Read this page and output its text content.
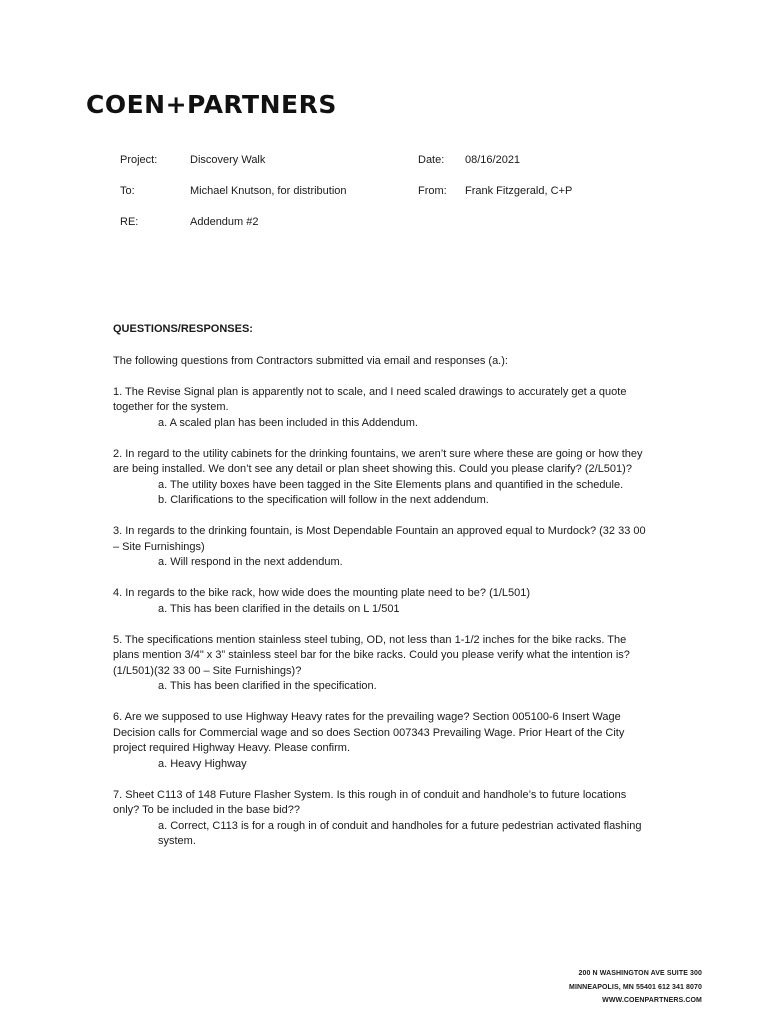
COEN+PARTNERS
Project:	Discovery Walk	Date: 08/16/2021
To:	Michael Knutson, for distribution	From: Frank Fitzgerald, C+P
RE:	Addendum #2
QUESTIONS/RESPONSES:
The following questions from Contractors submitted via email and responses (a.):
1. The Revise Signal plan is apparently not to scale, and I need scaled drawings to accurately get a quote together for the system.
a. A scaled plan has been included in this Addendum.
2. In regard to the utility cabinets for the drinking fountains, we aren’t sure where these are going or how they are being installed. We don’t see any detail or plan sheet showing this. Could you please clarify? (2/L501)?
a. The utility boxes have been tagged in the Site Elements plans and quantified in the schedule.
b. Clarifications to the specification will follow in the next addendum.
3. In regards to the drinking fountain, is Most Dependable Fountain an approved equal to Murdock? (32 33 00 – Site Furnishings)
a. Will respond in the next addendum.
4. In regards to the bike rack, how wide does the mounting plate need to be? (1/L501)
a. This has been clarified in the details on L 1/501
5. The specifications mention stainless steel tubing, OD, not less than 1-1/2 inches for the bike racks. The plans mention 3/4" x 3” stainless steel bar for the bike racks. Could you please verify what the intention is? (1/L501)(32 33 00 – Site Furnishings)?
a. This has been clarified in the specification.
6. Are we supposed to use Highway Heavy rates for the prevailing wage? Section 005100-6 Insert Wage Decision calls for Commercial wage and so does Section 007343 Prevailing Wage. Prior Heart of the City project required Highway Heavy. Please confirm.
a. Heavy Highway
7. Sheet C113 of 148 Future Flasher System. Is this rough in of conduit and handhole’s to future locations only? To be included in the base bid??
a. Correct, C113 is for a rough in of conduit and handholes for a future pedestrian activated flashing system.
200 N WASHINGTON AVE SUITE 300
MINNEAPOLIS, MN 55401 612 341 8070
WWW.COENPARTNERS.COM
